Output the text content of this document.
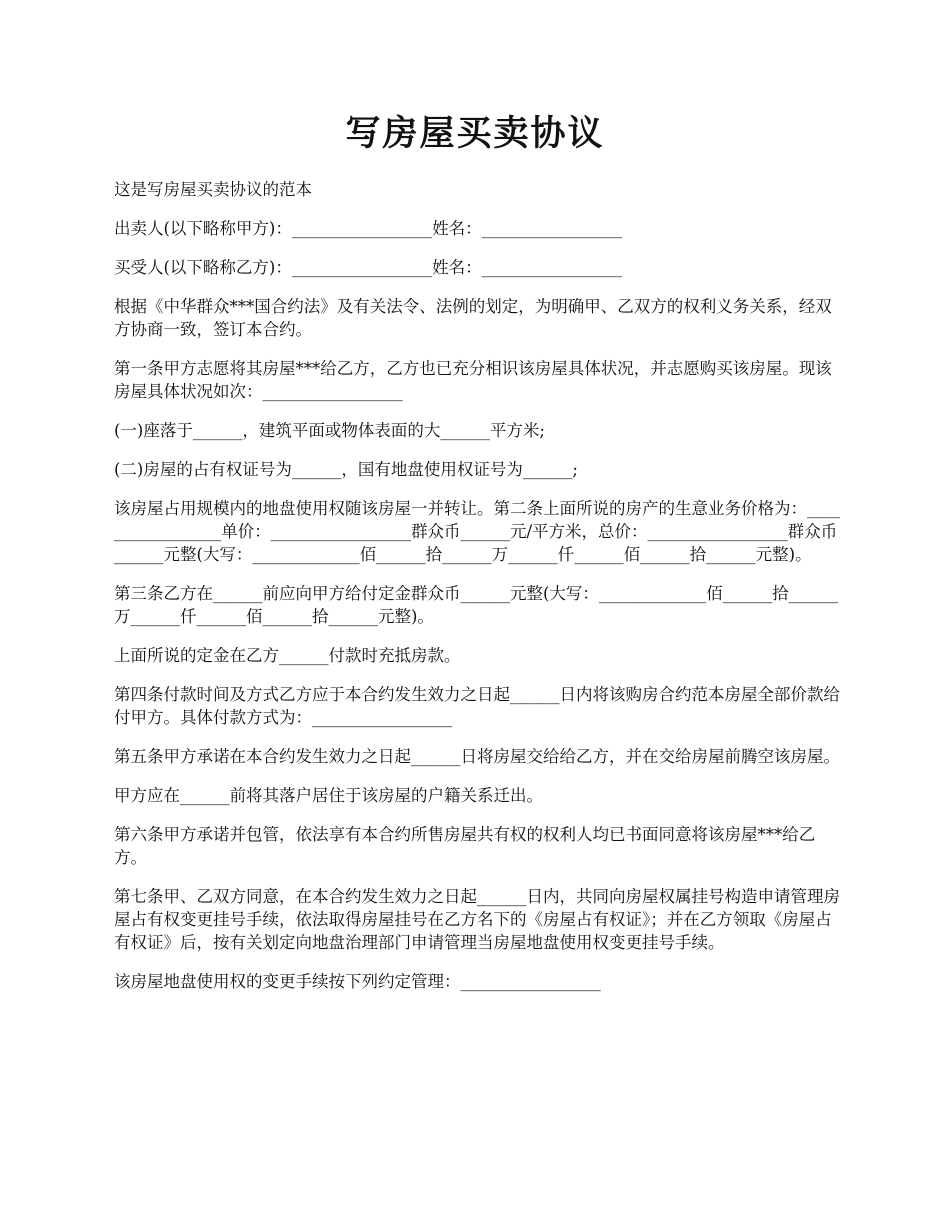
写房屋买卖协议

这是写房屋买卖协议的范本

出卖人(以下略称甲方)：_________________姓名：_________________

买受人(以下略称乙方)：_________________姓名：_________________

根据《中华群众***国合约法》及有关法令、法例的划定，为明确甲、乙双方的权利义务关系，经双方协商一致，签订本合约。

第一条甲方志愿将其房屋***给乙方，乙方也已充分相识该房屋具体状况，并志愿购买该房屋。现该房屋具体状况如次：_________________

(一)座落于______，建筑平面或物体表面的大______平方米;

(二)房屋的占有权证号为______，国有地盘使用权证号为______;

该房屋占用规模内的地盘使用权随该房屋一并转让。第二条上面所说的房产的生意业务价格为：_________________单价：_________________群众币______元/平方米，总价：_________________群众币______元整(大写：_____________佰______拾______万______仟______佰______拾______元整)。

第三条乙方在______前应向甲方给付定金群众币______元整(大写：_____________佰______拾______万______仟______佰______拾______元整)。

上面所说的定金在乙方______付款时充抵房款。

第四条付款时间及方式乙方应于本合约发生效力之日起______日内将该购房合约范本房屋全部价款给付甲方。具体付款方式为：_________________

第五条甲方承诺在本合约发生效力之日起______日将房屋交给给乙方，并在交给房屋前腾空该房屋。

甲方应在______前将其落户居住于该房屋的户籍关系迁出。

第六条甲方承诺并包管，依法享有本合约所售房屋共有权的权利人均已书面同意将该房屋***给乙方。

第七条甲、乙双方同意，在本合约发生效力之日起______日内，共同向房屋权属挂号构造申请管理房屋占有权变更挂号手续，依法取得房屋挂号在乙方名下的《房屋占有权证》；并在乙方领取《房屋占有权证》后，按有关划定向地盘治理部门申请管理当房屋地盘使用权变更挂号手续。

该房屋地盘使用权的变更手续按下列约定管理：_________________
